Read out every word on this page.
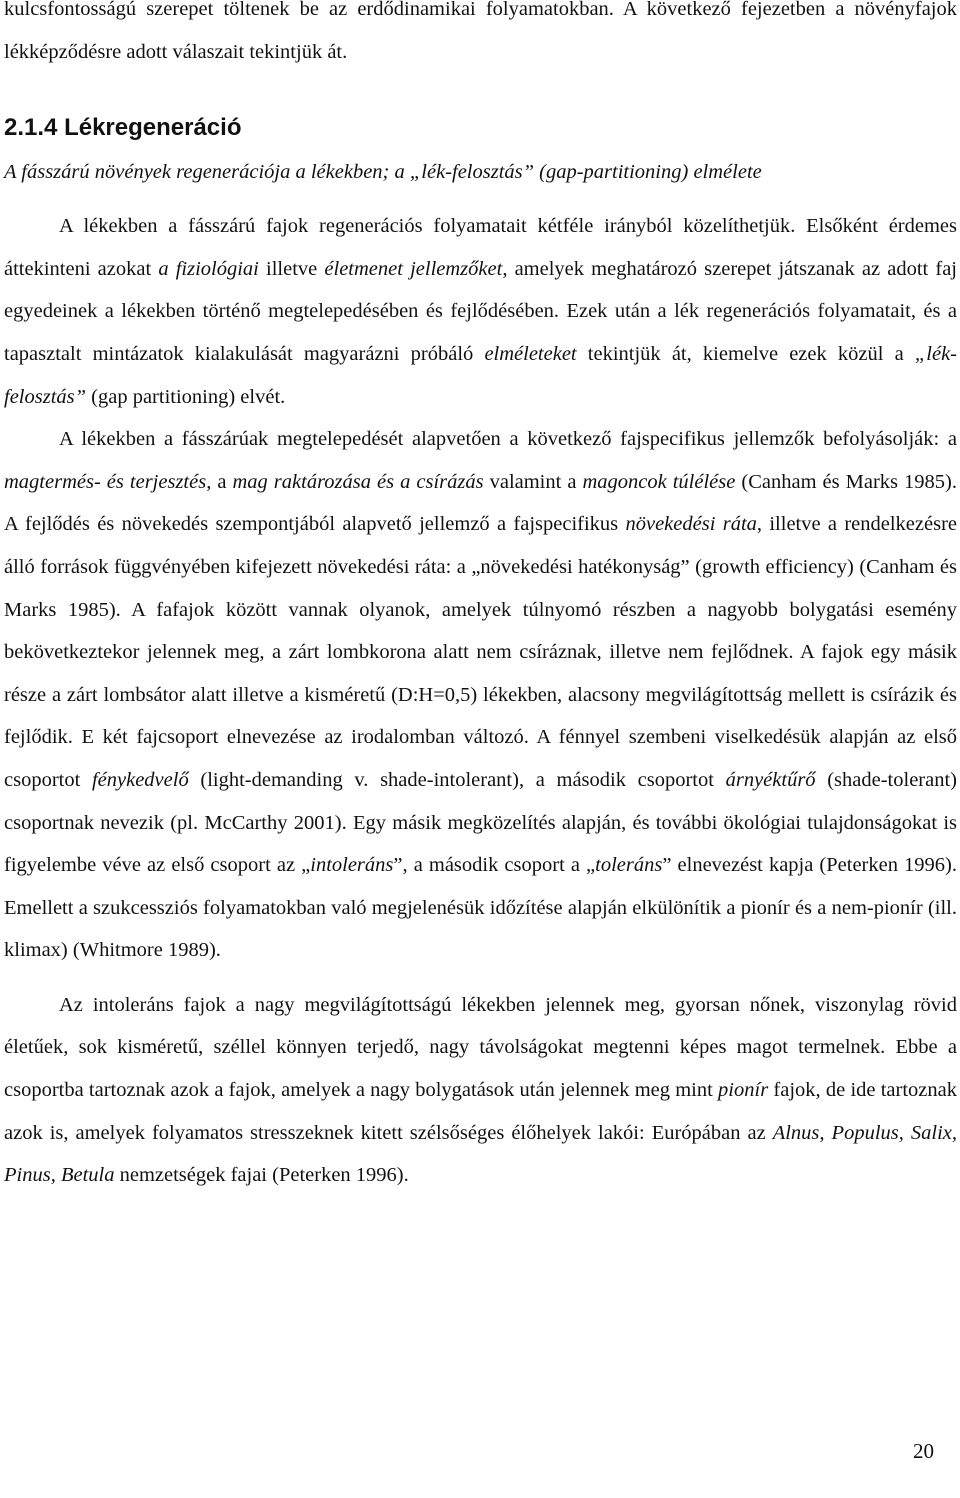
kulcsfontosságú szerepet töltenek be az erdődinamikai folyamatokban. A következő fejezetben a növényfajok lékképződésre adott válaszait tekintjük át.

2.1.4 Lékregeneráció

A fásszárú növények regenerációja a lékekben; a „lék-felosztás” (gap-partitioning) elmélete

A lékekben a fásszárú fajok regenerációs folyamatait kétféle irányból közelíthetjük. Elsőként érdemes áttekinteni azokat a fiziológiai illetve életmenet jellemzőket, amelyek meghatározó szerepet játszanak az adott faj egyedeinek a lékekben történő megtelepedésében és fejlődésében. Ezek után a lék regenerációs folyamatait, és a tapasztalt mintázatok kialakulását magyarázni próbáló elméleteket tekintjük át, kiemelve ezek közül a „lék-felosztás” (gap partitioning) elvét.

A lékekben a fásszárúak megtelepedését alapvetően a következő fajspecifikus jellemzők befolyásolják: a magtermés- és terjesztés, a mag raktározása és a csírázás valamint a magoncok túlélése (Canham és Marks 1985). A fejlődés és növekedés szempontjából alapvető jellemző a fajspecifikus növekedési ráta, illetve a rendelkezésre álló források függvényében kifejezett növekedési ráta: a „növekedési hatékonyság” (growth efficiency) (Canham és Marks 1985). A fafajok között vannak olyanok, amelyek túlnyomó részben a nagyobb bolygatási esemény bekövetkeztekor jelennek meg, a zárt lombkorona alatt nem csíráznak, illetve nem fejlődnek. A fajok egy másik része a zárt lombsátor alatt illetve a kisméretű (D:H=0,5) lékekben, alacsony megvilágítottság mellett is csírázik és fejlődik. E két fajcsoport elnevezése az irodalomban változó. A fénnyel szembeni viselkedésük alapján az első csoportot fénykedvelő (light-demanding v. shade-intolerant), a második csoportot árnyéktűrő (shade-tolerant) csoportnak nevezik (pl. McCarthy 2001). Egy másik megközelítés alapján, és további ökológiai tulajdonságokat is figyelembe véve az első csoport az „intoleráns”, a második csoport a „toleráns” elnevezést kapja (Peterken 1996). Emellett a szukcessziós folyamatokban való megjelenésük időzítése alapján elkülönítik a pionír és a nem-pionír (ill. klimax) (Whitmore 1989).

Az intoleráns fajok a nagy megvilágítottságú lékekben jelennek meg, gyorsan nőnek, viszonylag rövid életűek, sok kisméretű, széllel könnyen terjedő, nagy távolságokat megtenni képes magot termelnek. Ebbe a csoportba tartoznak azok a fajok, amelyek a nagy bolygatások után jelennek meg mint pionír fajok, de ide tartoznak azok is, amelyek folyamatos stresszeknek kitett szélsőséges élőhelyek lakói: Európában az Alnus, Populus, Salix, Pinus, Betula nemzetségek fajai (Peterken 1996).

20
